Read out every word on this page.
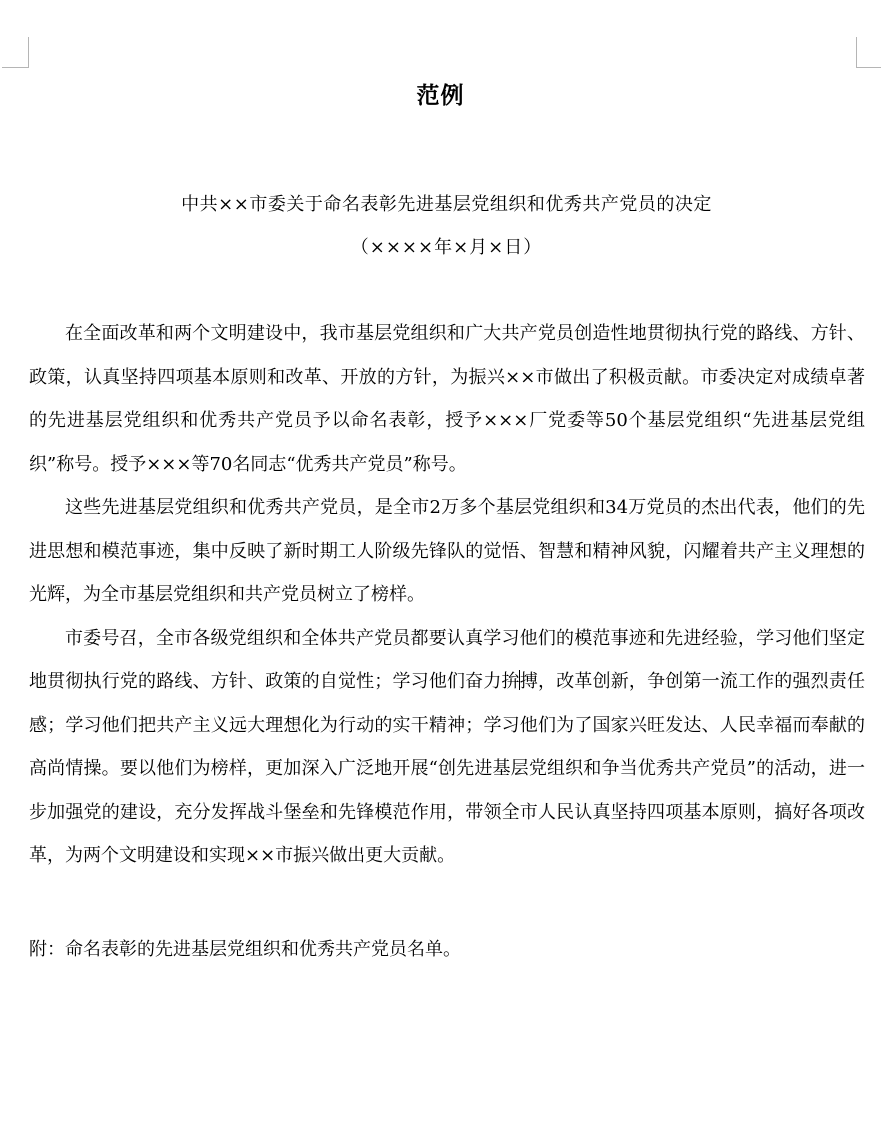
范例
中共××市委关于命名表彰先进基层党组织和优秀共产党员的决定
（××××年×月×日）

在全面改革和两个文明建设中，我市基层党组织和广大共产党员创造性地贯彻执行党的路线、方针、政策，认真坚持四项基本原则和改革、开放的方针，为振兴××市做出了积极贡献。市委决定对成绩卓著的先进基层党组织和优秀共产党员予以命名表彰，授予×××厂党委等50个基层党组织“先进基层党组织”称号。授予×××等70名同志“优秀共产党员”称号。

这些先进基层党组织和优秀共产党员，是全市2万多个基层党组织和34万党员的杰出代表，他们的先进思想和模范事迹，集中反映了新时期工人阶级先锋队的觉悟、智慧和精神风貌，闪耀着共产主义理想的光辉，为全市基层党组织和共产党员树立了榜样。

市委号召，全市各级党组织和全体共产党员都要认真学习他们的模范事迹和先进经验，学习他们坚定地贯彻执行党的路线、方针、政策的自觉性；学习他们奋力拚搏，改革创新，争创第一流工作的强烈责任感；学习他们把共产主义远大理想化为行动的实干精神；学习他们为了国家兴旺发达、人民幸福而奉献的高尚情操。要以他们为榜样，更加深入广泛地开展“创先进基层党组织和争当优秀共产党员”的活动，进一步加强党的建设，充分发挥战斗堡垒和先锋模范作用，带领全市人民认真坚持四项基本原则，搞好各项改革，为两个文明建设和实现××市振兴做出更大贡献。

附：命名表彰的先进基层党组织和优秀共产党员名单。
